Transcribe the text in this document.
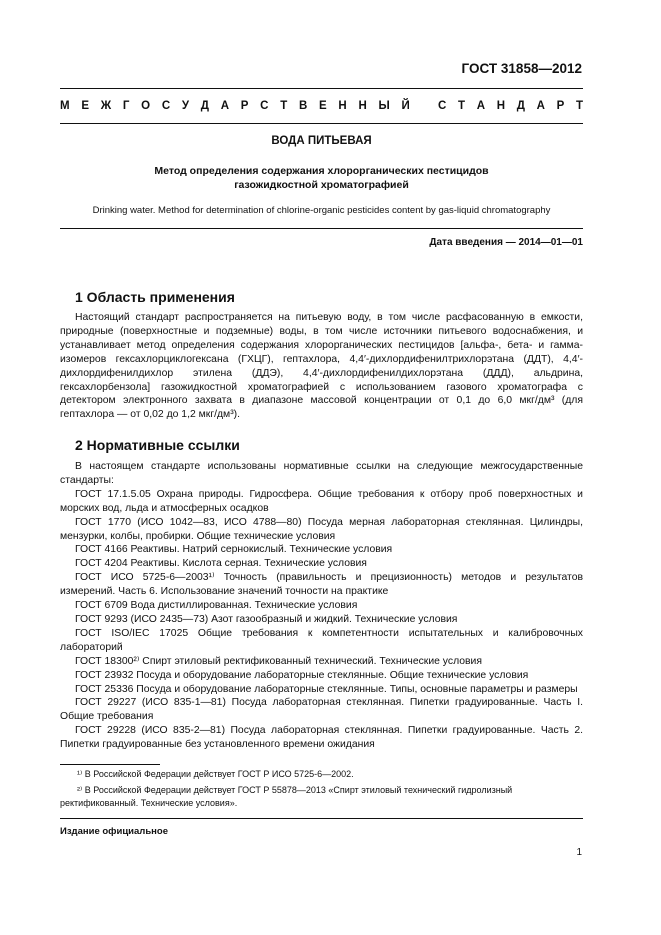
ГОСТ 31858—2012
М Е Ж Г О С У Д А Р С Т В Е Н Н Ы Й С Т А Н Д А Р Т
ВОДА ПИТЬЕВАЯ
Метод определения содержания хлорорганических пестицидов
газожидкостной хроматографией
Drinking water. Method for determination of chlorine-organic pesticides content by gas-liquid chromatography
Дата введения — 2014—01—01
1 Область применения

Настоящий стандарт распространяется на питьевую воду, в том числе расфасованную в емкости, природные (поверхностные и подземные) воды, в том числе источники питьевого водоснабжения, и устанавливает метод определения содержания хлорорганических пестицидов [альфа-, бета- и гамма-изомеров гексахлорциклогексана (ГХЦГ), гептахлора, 4,4′-дихлордифенилтрихлорэтана (ДДТ), 4,4′-дихлордифенилдихлор этилена (ДДЭ), 4,4′-дихлордифенилдихлорэтана (ДДД), альдрина, гексахлорбензола] газожидкостной хроматографией с использованием газового хроматографа с детектором электронного захвата в диапазоне массовой концентрации от 0,1 до 6,0 мкг/дм³ (для гептахлора — от 0,02 до 1,2 мкг/дм³).

2 Нормативные ссылки

В настоящем стандарте использованы нормативные ссылки на следующие межгосударственные стандарты:

ГОСТ 17.1.5.05 Охрана природы. Гидросфера. Общие требования к отбору проб поверхностных и морских вод, льда и атмосферных осадков

ГОСТ 1770 (ИСО 1042—83, ИСО 4788—80) Посуда мерная лабораторная стеклянная. Цилиндры, мензурки, колбы, пробирки. Общие технические условия

ГОСТ 4166 Реактивы. Натрий сернокислый. Технические условия

ГОСТ 4204 Реактивы. Кислота серная. Технические условия

ГОСТ ИСО 5725-6—2003¹⁾ Точность (правильность и прецизионность) методов и результатов измерений. Часть 6. Использование значений точности на практике

ГОСТ 6709 Вода дистиллированная. Технические условия

ГОСТ 9293 (ИСО 2435—73) Азот газообразный и жидкий. Технические условия

ГОСТ ISO/IEC 17025 Общие требования к компетентности испытательных и калибровочных лабораторий

ГОСТ 18300²⁾ Спирт этиловый ректификованный технический. Технические условия

ГОСТ 23932 Посуда и оборудование лабораторные стеклянные. Общие технические условия

ГОСТ 25336 Посуда и оборудование лабораторные стеклянные. Типы, основные параметры и размеры

ГОСТ 29227 (ИСО 835-1—81) Посуда лабораторная стеклянная. Пипетки градуированные. Часть I. Общие требования

ГОСТ 29228 (ИСО 835-2—81) Посуда лабораторная стеклянная. Пипетки градуированные. Часть 2. Пипетки градуированные без установленного времени ожидания

¹⁾ В Российской Федерации действует ГОСТ Р ИСО 5725-6—2002.

²⁾ В Российской Федерации действует ГОСТ Р 55878—2013 «Спирт этиловый технический гидролизный ректификованный. Технические условия».

Издание официальное
1
